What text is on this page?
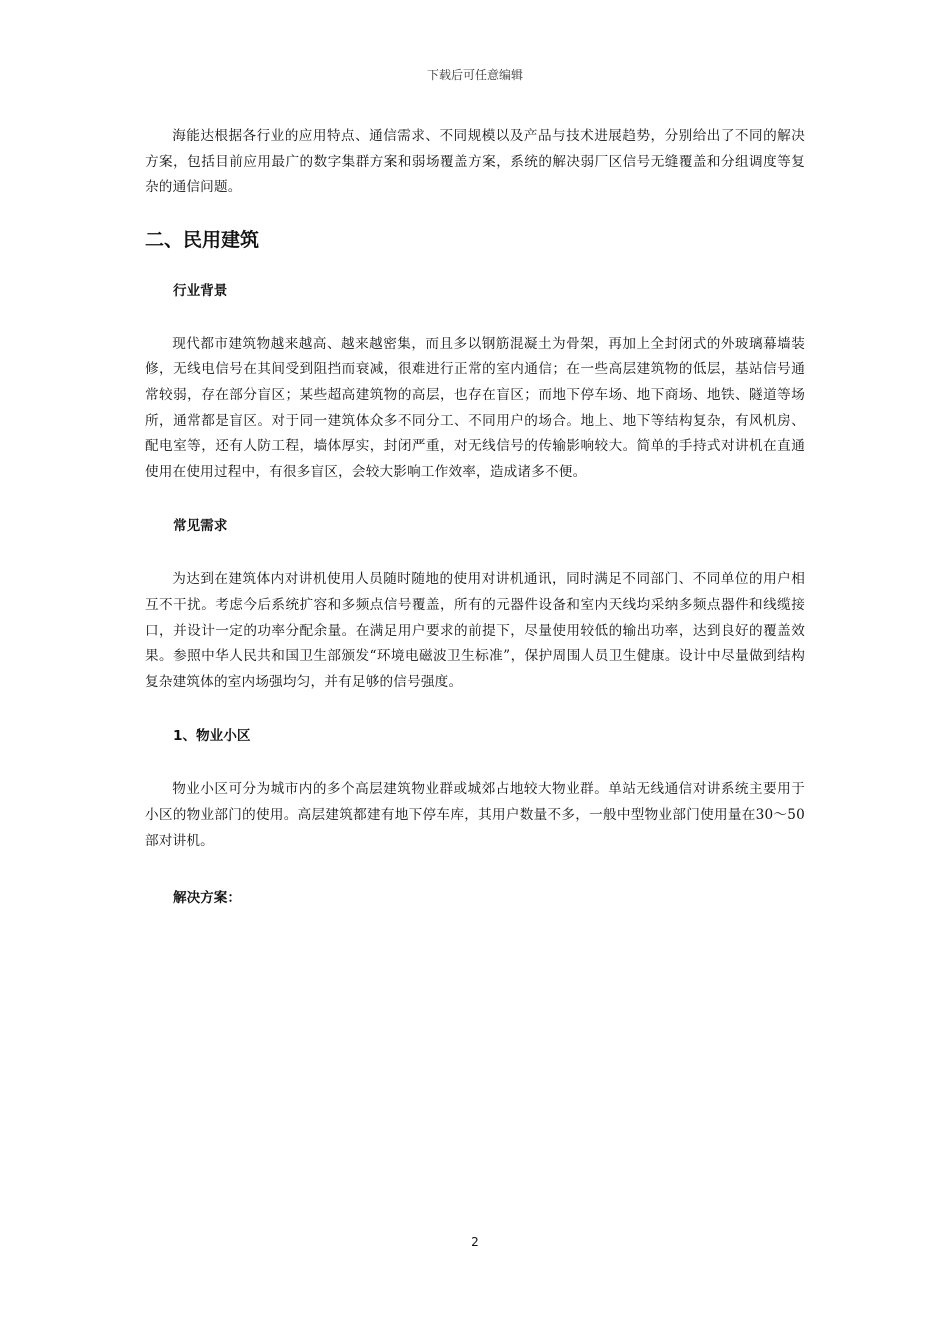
下载后可任意编辑

海能达根据各行业的应用特点、通信需求、不同规模以及产品与技术进展趋势，分别给出了不同的解决方案，包括目前应用最广的数字集群方案和弱场覆盖方案，系统的解决弱厂区信号无缝覆盖和分组调度等复杂的通信问题。

二、民用建筑
行业背景

现代都市建筑物越来越高、越来越密集，而且多以钢筋混凝土为骨架，再加上全封闭式的外玻璃幕墙装修，无线电信号在其间受到阻挡而衰减，很难进行正常的室内通信；在一些高层建筑物的低层，基站信号通常较弱，存在部分盲区；某些超高建筑物的高层，也存在盲区；而地下停车场、地下商场、地铁、隧道等场所，通常都是盲区。对于同一建筑体众多不同分工、不同用户的场合。地上、地下等结构复杂，有风机房、配电室等，还有人防工程，墙体厚实，封闭严重，对无线信号的传输影响较大。简单的手持式对讲机在直通使用在使用过程中，有很多盲区，会较大影响工作效率，造成诸多不便。

常见需求

为达到在建筑体内对讲机使用人员随时随地的使用对讲机通讯，同时满足不同部门、不同单位的用户相互不干扰。考虑今后系统扩容和多频点信号覆盖，所有的元器件设备和室内天线均采纳多频点器件和线缆接口，并设计一定的功率分配余量。在满足用户要求的前提下，尽量使用较低的输出功率，达到良好的覆盖效果。参照中华人民共和国卫生部颁发“环境电磁波卫生标准”，保护周围人员卫生健康。设计中尽量做到结构复杂建筑体的室内场强均匀，并有足够的信号强度。

1、物业小区

物业小区可分为城市内的多个高层建筑物业群或城郊占地较大物业群。单站无线通信对讲系统主要用于小区的物业部门的使用。高层建筑都建有地下停车库，其用户数量不多，一般中型物业部门使用量在30～50部对讲机。

解决方案：
2
